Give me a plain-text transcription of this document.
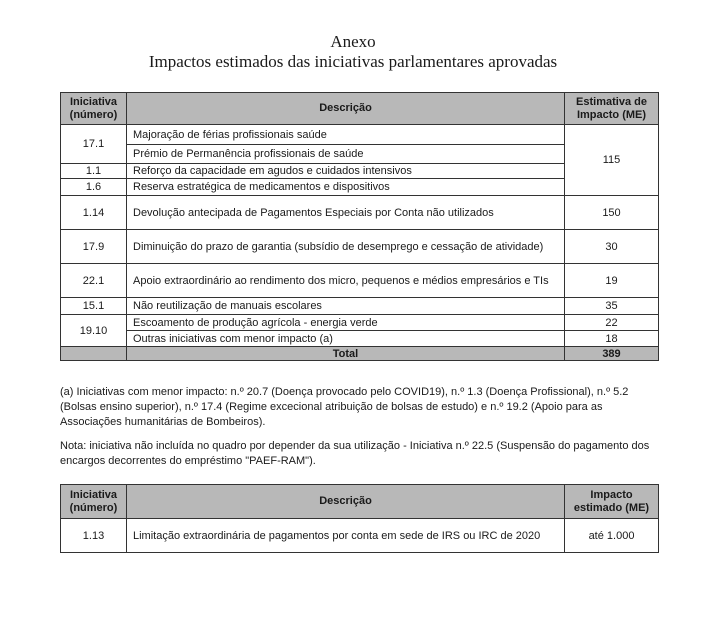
Anexo
Impactos estimados das iniciativas parlamentares aprovadas
Iniciativa (número)	Descrição	Estimativa de Impacto (ME)
17.1	Majoração de férias profissionais saúde	115
	Prémio de Permanência profissionais de saúde	
1.1	Reforço da capacidade em agudos e cuidados intensivos	
1.6	Reserva estratégica de medicamentos e dispositivos	
1.14	Devolução antecipada de Pagamentos Especiais por Conta não utilizados	150
17.9	Diminuição do prazo de garantia (subsídio de desemprego e cessação de atividade)	30
22.1	Apoio extraordinário ao rendimento dos micro, pequenos e médios empresários e TIs	19
15.1	Não reutilização de manuais escolares	35
19.10	Escoamento de produção agrícola - energia verde	22
	Outras iniciativas com menor impacto (a)	18
	Total	389
(a) Iniciativas com menor impacto: n.º 20.7 (Doença provocado pelo COVID19), n.º 1.3 (Doença Profissional), n.º 5.2 (Bolsas ensino superior), n.º 17.4 (Regime excecional atribuição de bolsas de estudo) e n.º 19.2 (Apoio para as Associações humanitárias de Bombeiros).
Nota: iniciativa não incluída no quadro por depender da sua utilização - Iniciativa n.º 22.5 (Suspensão do pagamento dos encargos decorrentes do empréstimo "PAEF-RAM").
Iniciativa (número)	Descrição	Impacto estimado (ME)
1.13	Limitação extraordinária de pagamentos por conta em sede de IRS ou IRC de 2020	até 1.000
